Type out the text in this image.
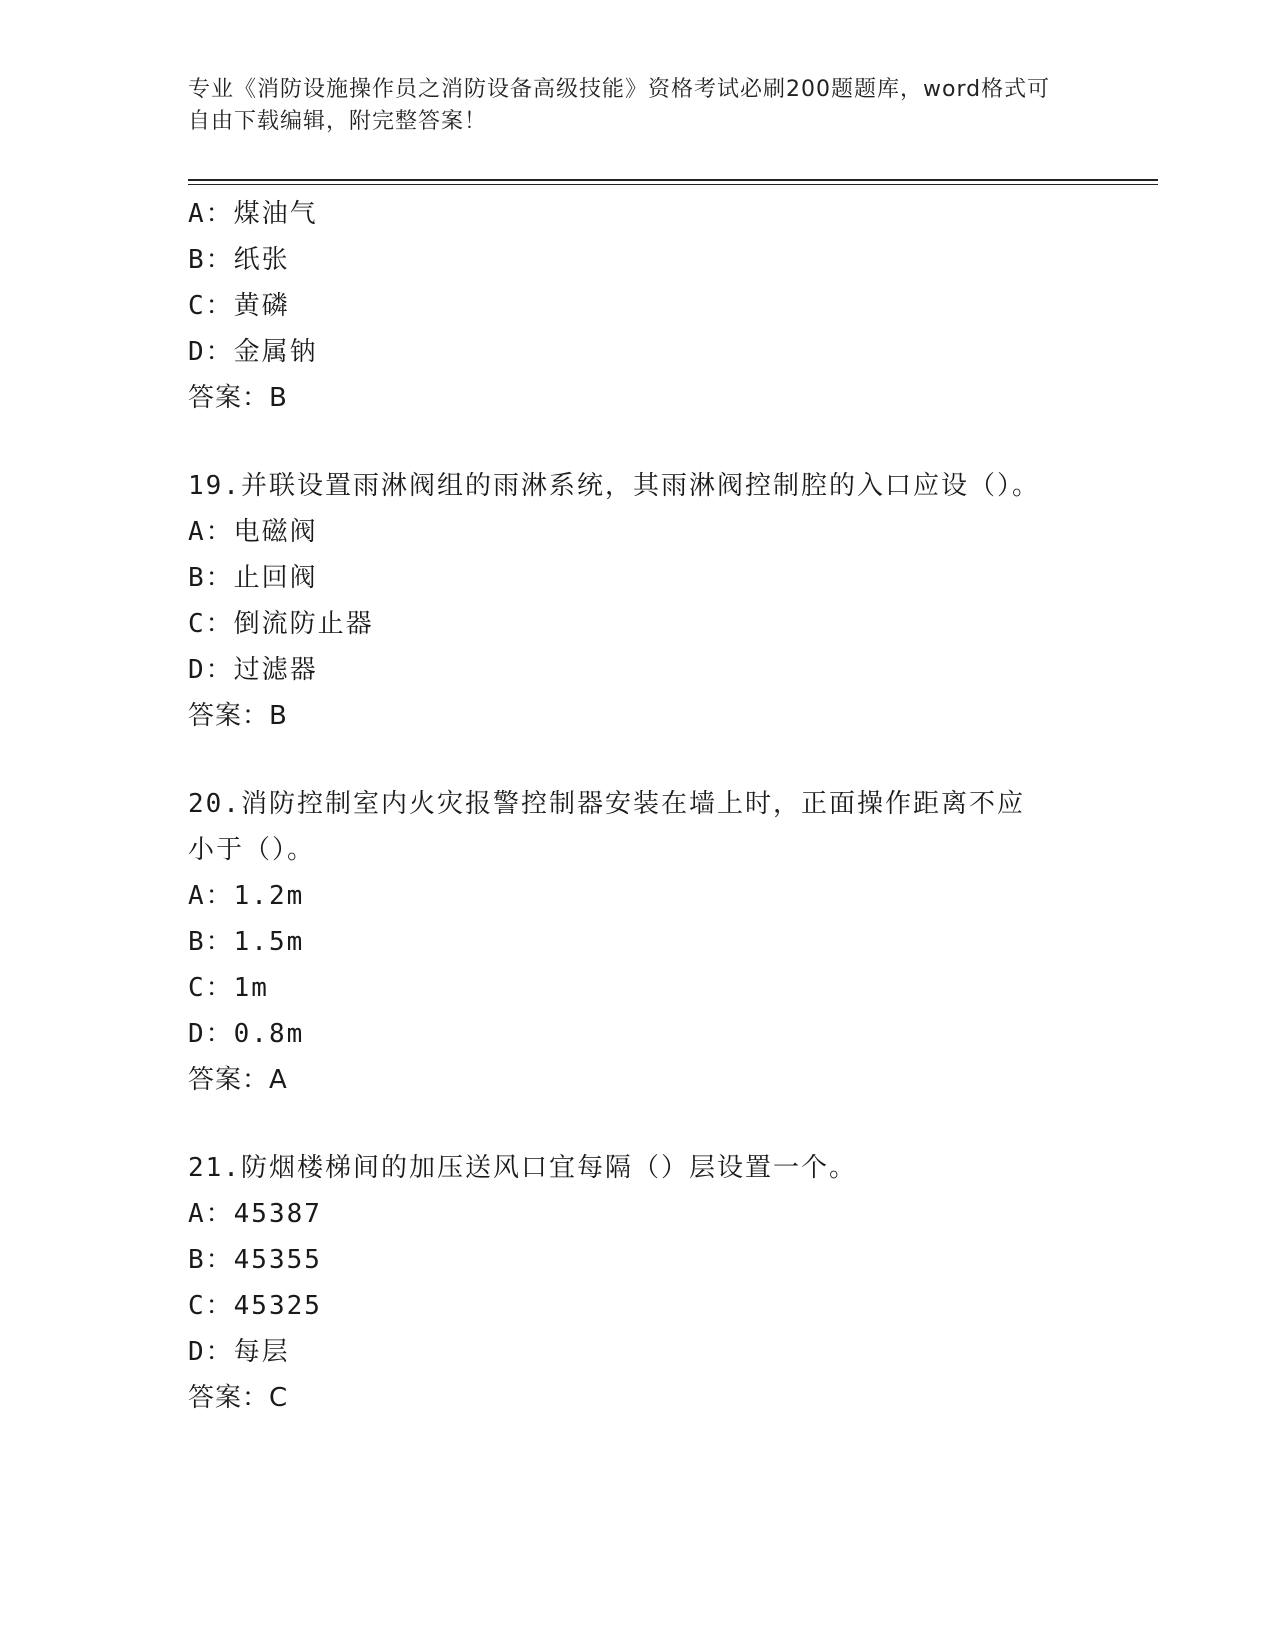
专业《消防设施操作员之消防设备高级技能》资格考试必刷200题题库，word格式可自由下载编辑，附完整答案！
A：煤油气
B：纸张
C：黄磷
D：金属钠
答案：B
19.并联设置雨淋阀组的雨淋系统，其雨淋阀控制腔的入口应设（）。
A：电磁阀
B：止回阀
C：倒流防止器
D：过滤器
答案：B
20.消防控制室内火灾报警控制器安装在墙上时，正面操作距离不应小于（）。
A：1.2m
B：1.5m
C：1m
D：0.8m
答案：A
21.防烟楼梯间的加压送风口宜每隔（）层设置一个。
A：45387
B：45355
C：45325
D：每层
答案：C
